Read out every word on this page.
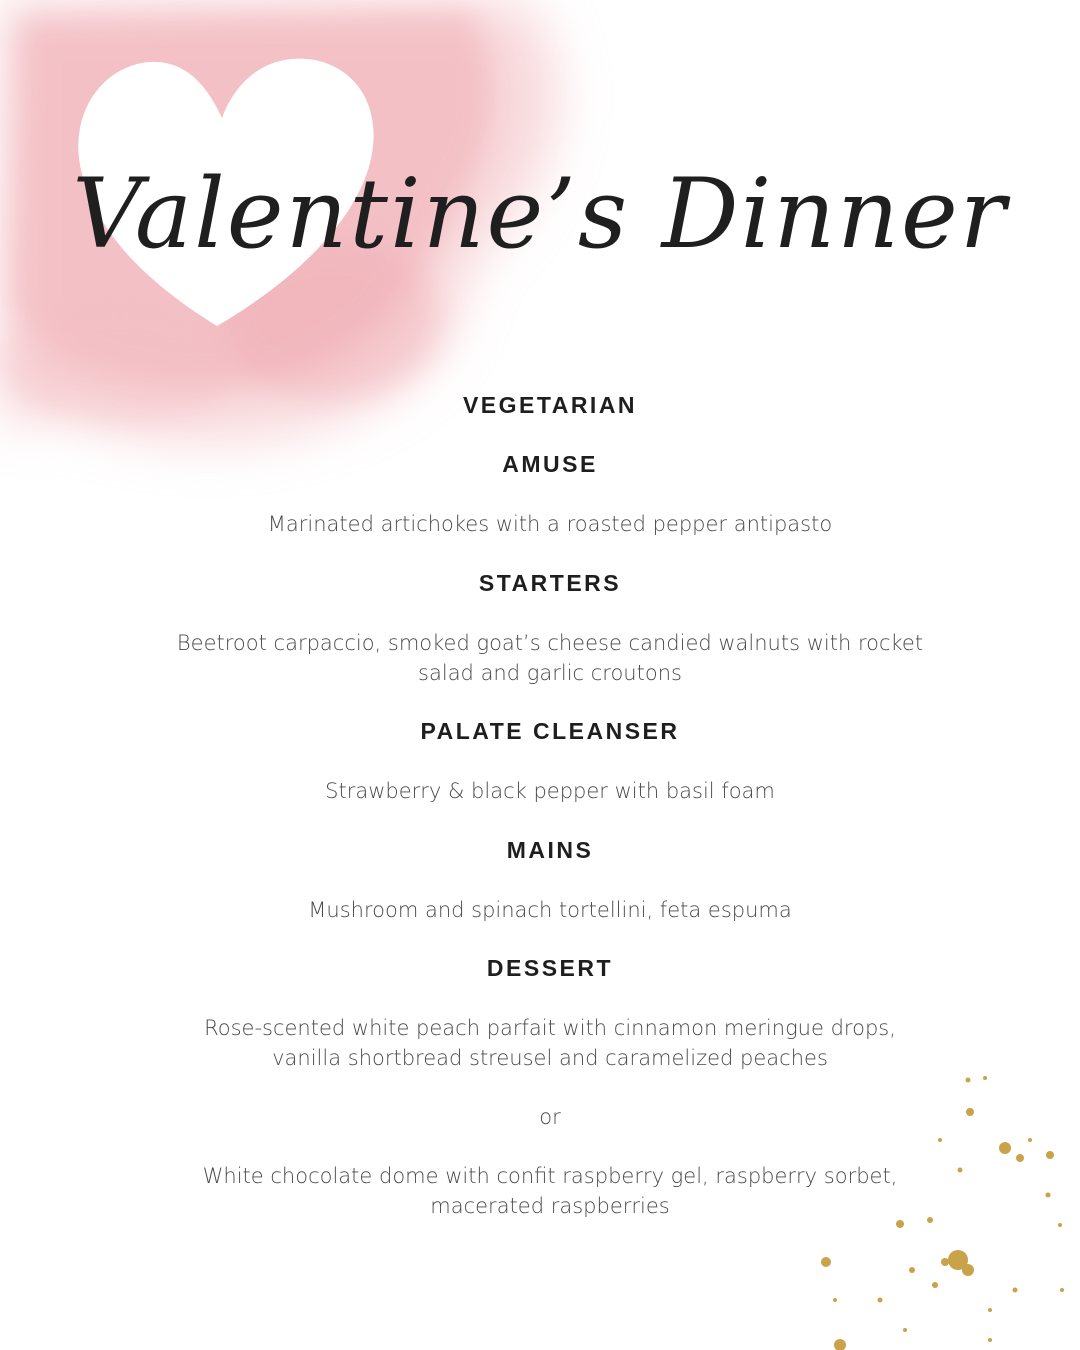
Valentine’s Dinner
VEGETARIAN
AMUSE
Marinated artichokes with a roasted pepper antipasto
STARTERS
Beetroot carpaccio, smoked goat’s cheese candied walnuts with rocket salad and garlic croutons
PALATE CLEANSER
Strawberry & black pepper with basil foam
MAINS
Mushroom and spinach tortellini, feta espuma
DESSERT
Rose-scented white peach parfait with cinnamon meringue drops, vanilla shortbread streusel and caramelized peaches
or
White chocolate dome with confit raspberry gel, raspberry sorbet, macerated raspberries
